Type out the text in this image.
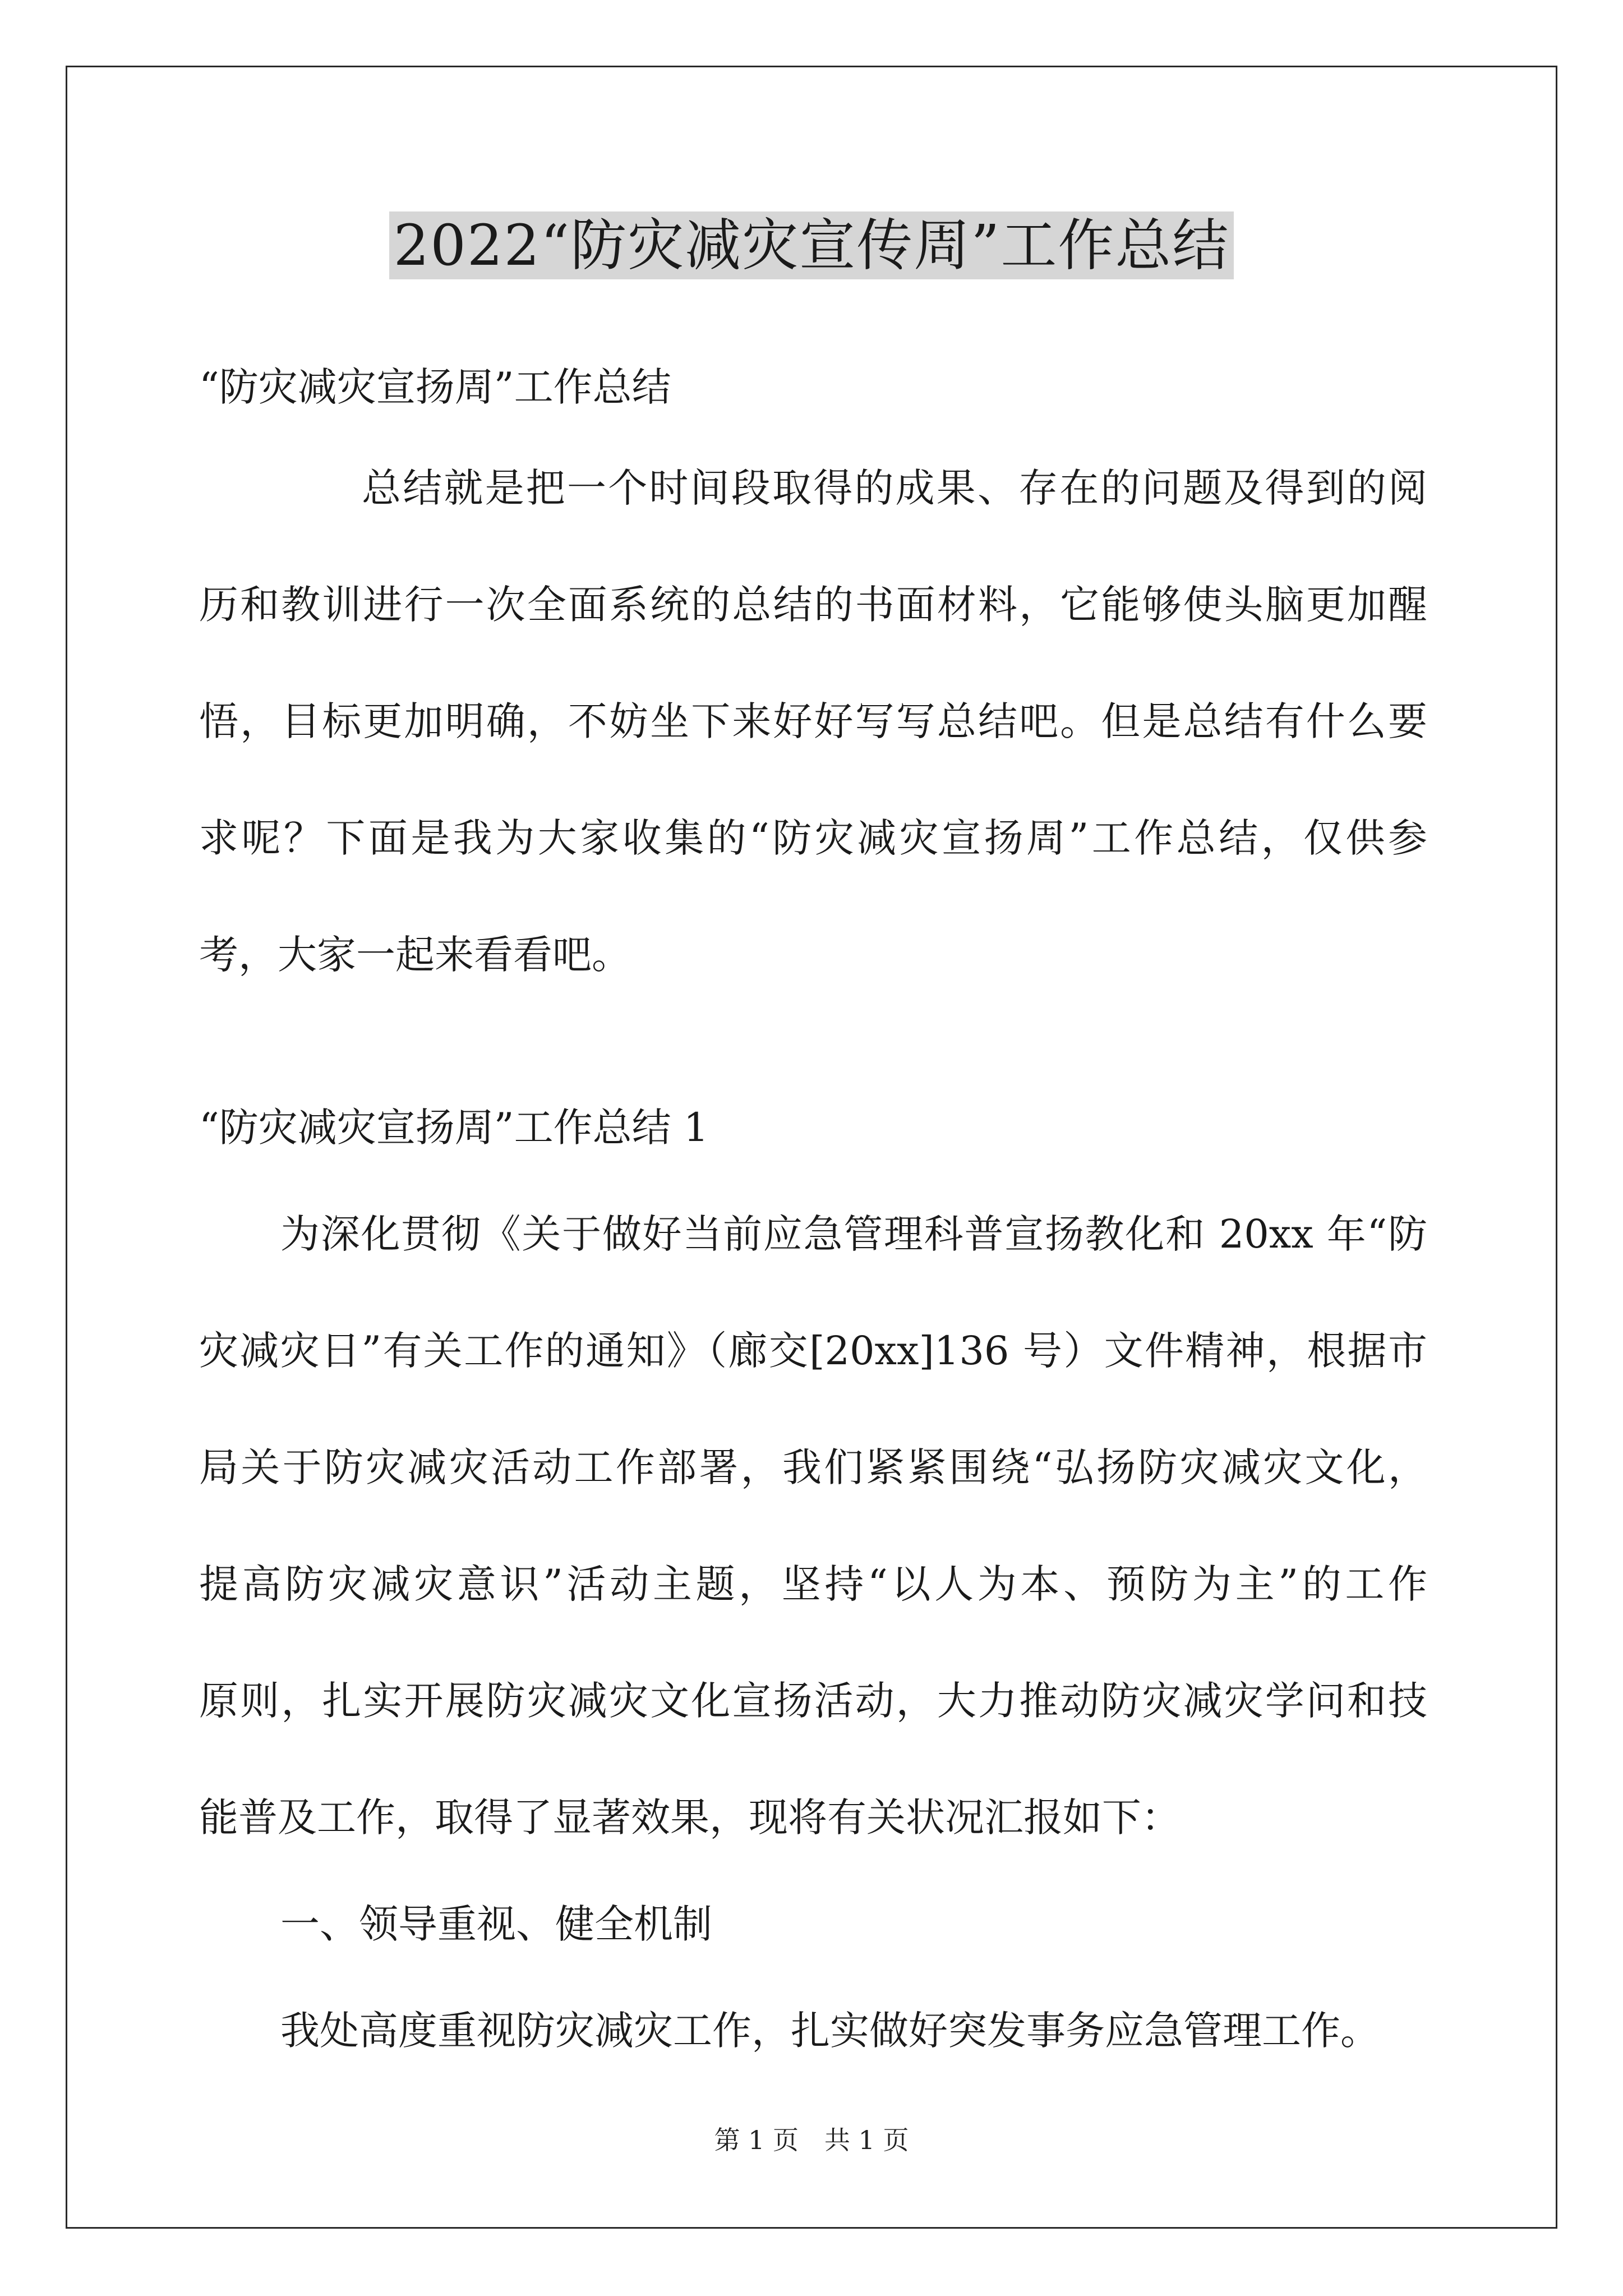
2022“防灾减灾宣传周”工作总结
“防灾减灾宣扬周”工作总结
总结就是把一个时间段取得的成果、存在的问题及得到的阅
历和教训进行一次全面系统的总结的书面材料，它能够使头脑更加醒
悟，目标更加明确，不妨坐下来好好写写总结吧。但是总结有什么要
求呢？下面是我为大家收集的“防灾减灾宣扬周”工作总结，仅供参
考，大家一起来看看吧。
“防灾减灾宣扬周”工作总结 1
为深化贯彻《关于做好当前应急管理科普宣扬教化和 20xx 年“防
灾减灾日”有关工作的通知》（廊交[20xx]136 号）文件精神，根据市
局关于防灾减灾活动工作部署，我们紧紧围绕“弘扬防灾减灾文化，
提高防灾减灾意识”活动主题，坚持“以人为本、预防为主”的工作
原则，扎实开展防灾减灾文化宣扬活动，大力推动防灾减灾学问和技
能普及工作，取得了显著效果，现将有关状况汇报如下：
一、领导重视、健全机制
我处高度重视防灾减灾工作，扎实做好突发事务应急管理工作。
第 1 页　共 1 页
